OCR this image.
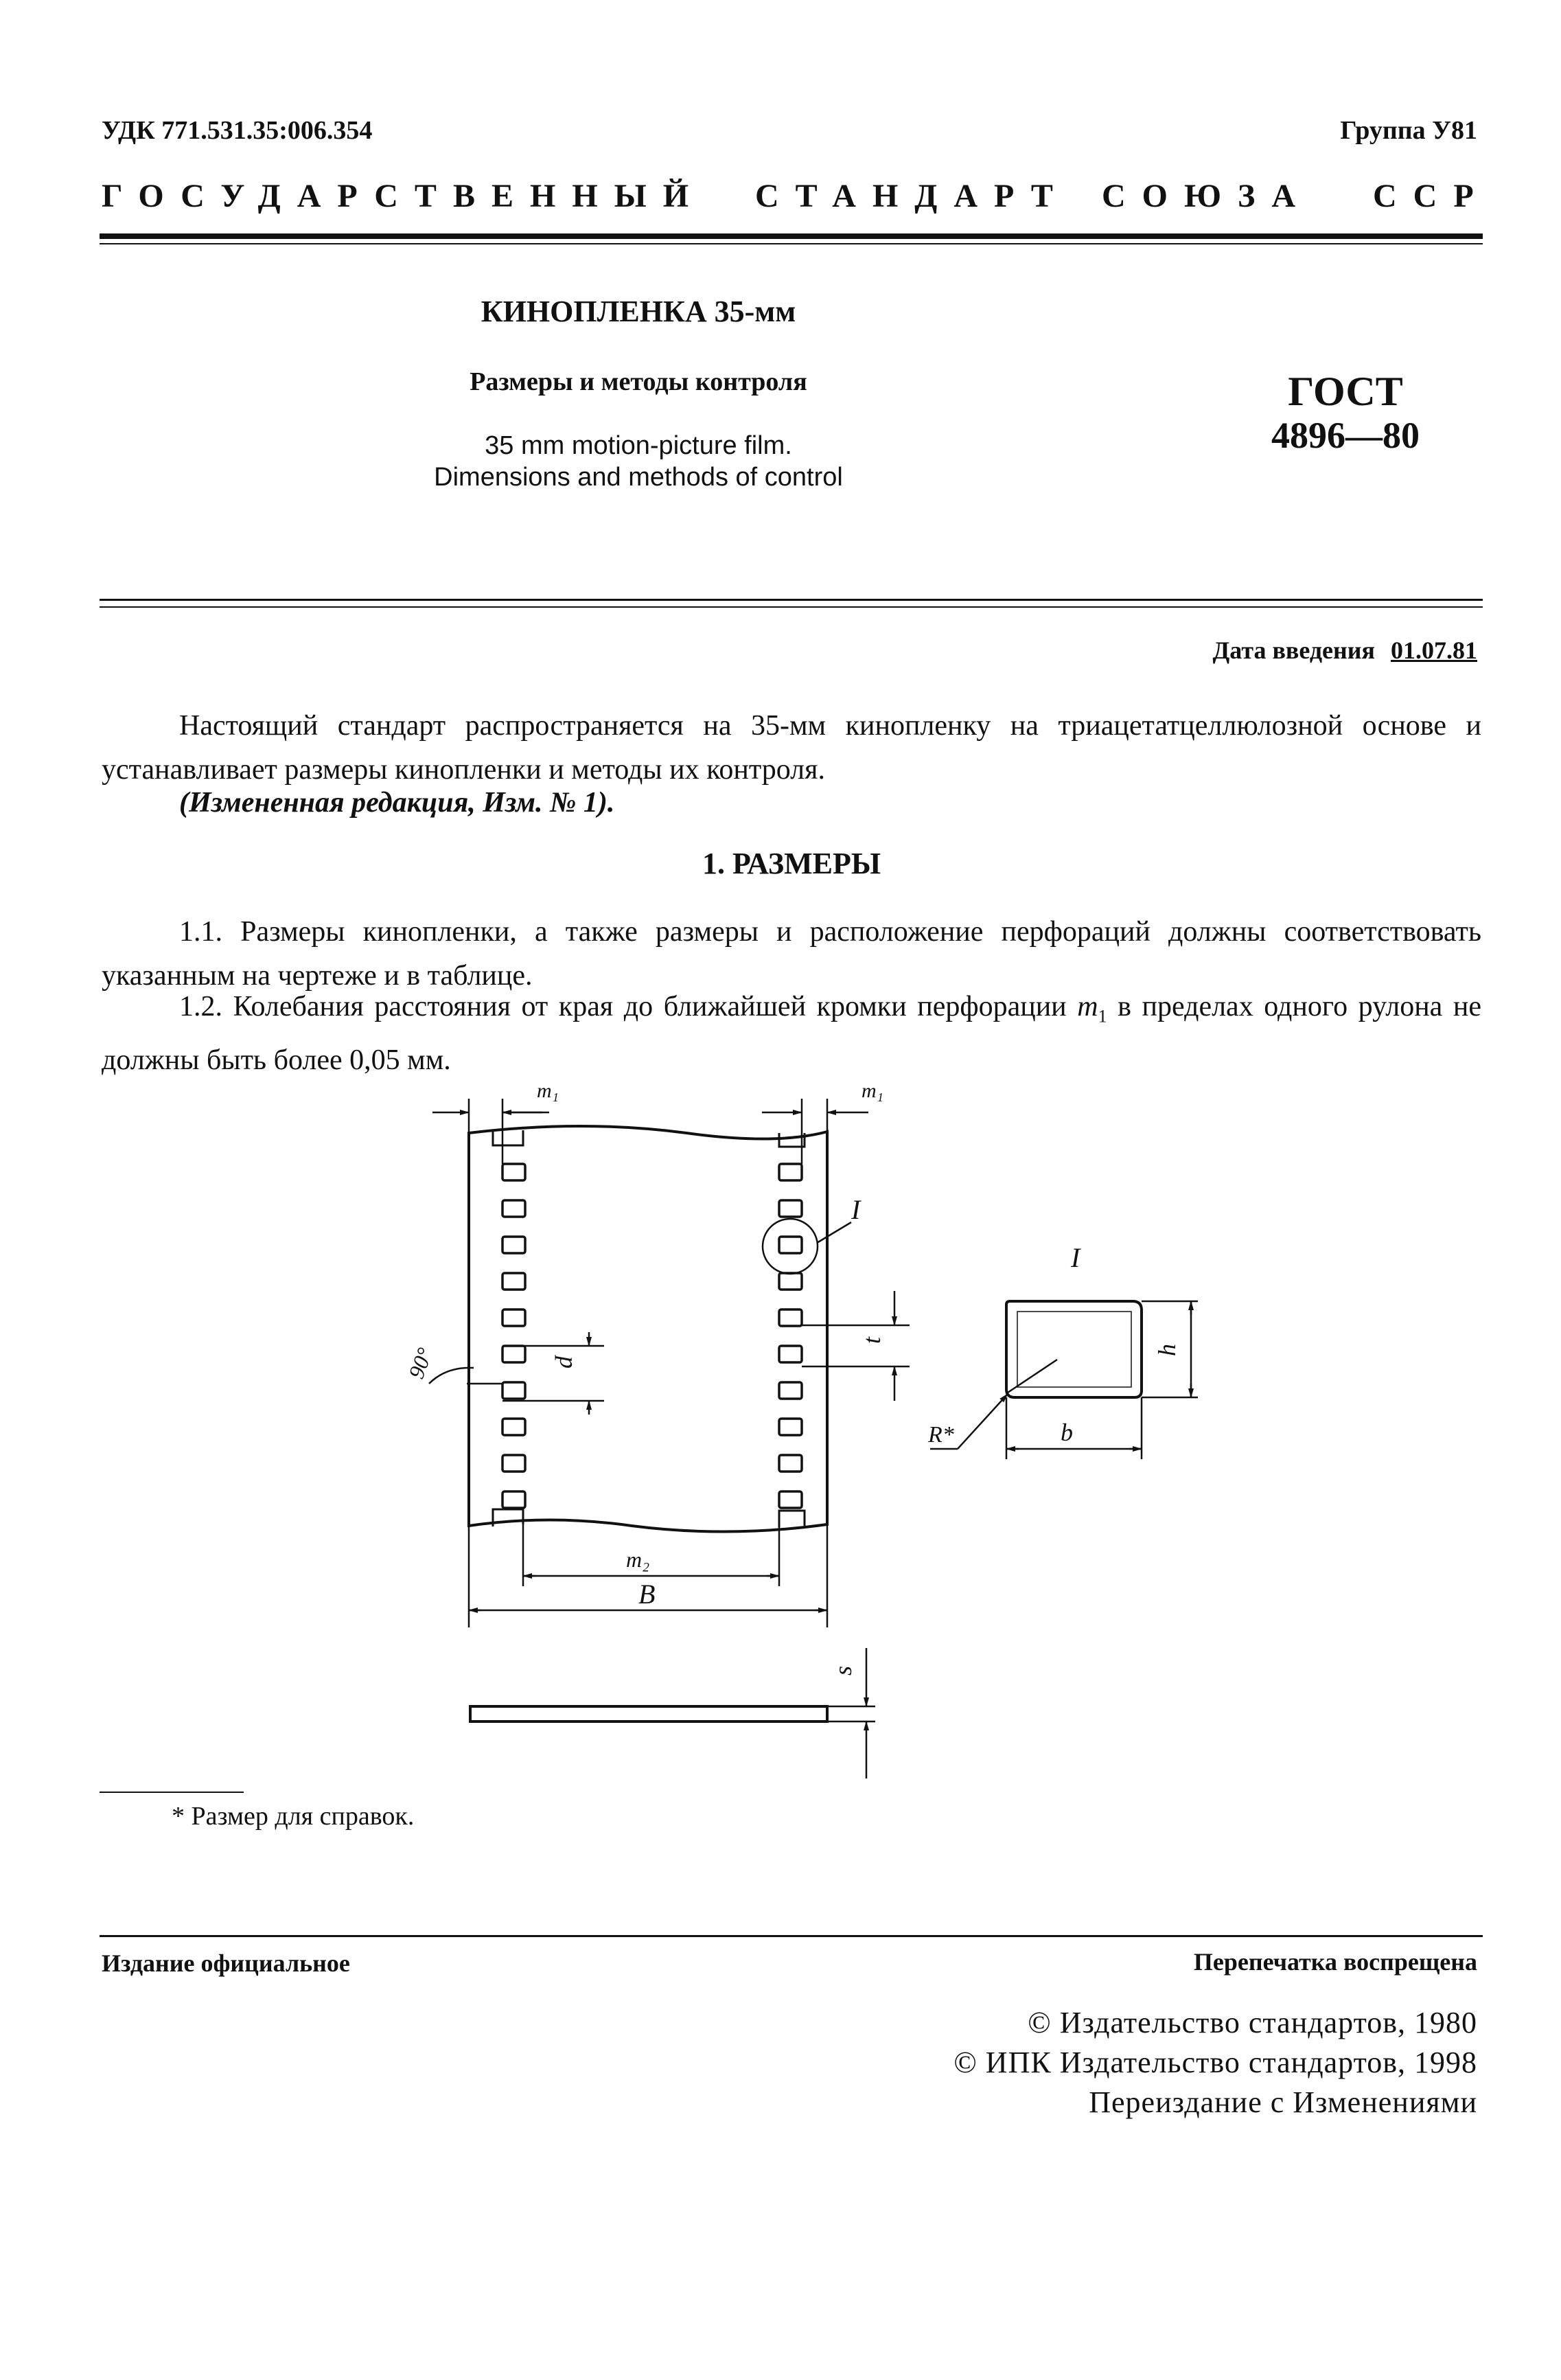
УДК 771.531.35:006.354	Группа У81
ГОСУДАРСТВЕННЫЙ СТАНДАРТ СОЮЗА ССР
КИНОПЛЕНКА 35-мм
Размеры и методы контроля
35 mm motion-picture film.
Dimensions and methods of control
ГОСТ
4896—80
Дата введения 01.07.81
Настоящий стандарт распространяется на 35-мм кинопленку на триацетатцеллюлозной основе и устанавливает размеры кинопленки и методы их контроля.
(Измененная редакция, Изм. № 1).
1. РАЗМЕРЫ
1.1. Размеры кинопленки, а также размеры и расположение перфораций должны соответствовать указанным на чертеже и в таблице.
1.2. Колебания расстояния от края до ближайшей кромки перфорации $m_1$ в пределах одного рулона не должны быть более 0,05 мм.
m₁	m₁
I
I
p
t
90°	h
R*	b
m₂
B
s
* Размер для справок.
Издание официальное	Перепечатка воспрещена
© Издательство стандартов, 1980
© ИПК Издательство стандартов, 1998
Переиздание с Изменениями
